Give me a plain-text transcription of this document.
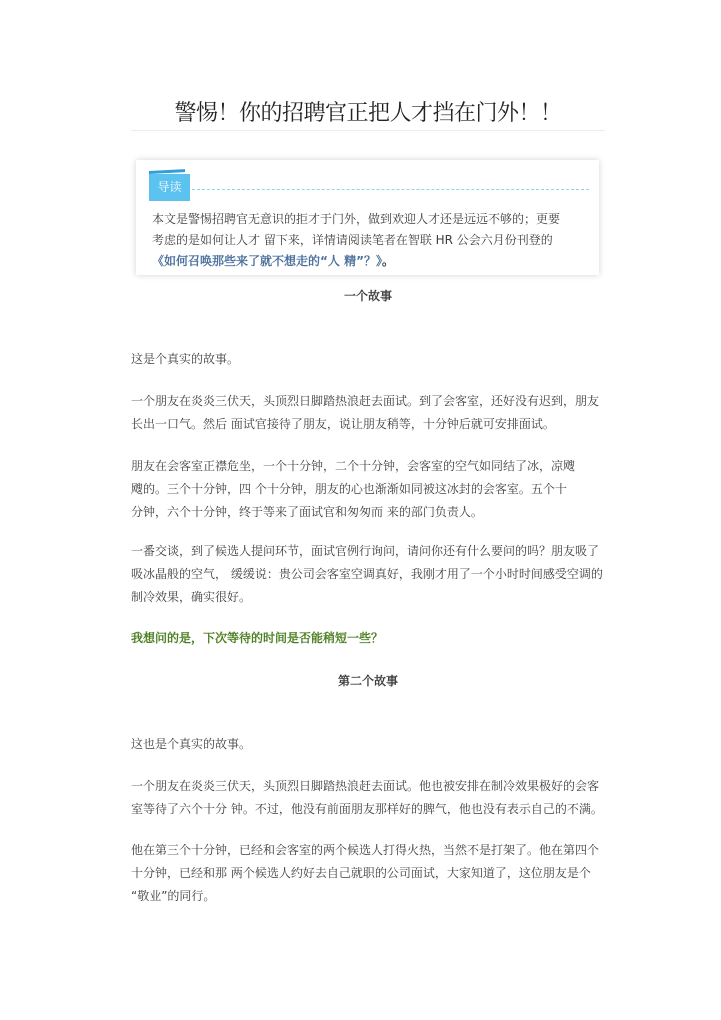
警惕！你的招聘官正把人才挡在门外！！
导读

本文是警惕招聘官无意识的拒才于门外，做到欢迎人才还是远远不够的；更要

考虑的是如何让人才 留下来，详情请阅读笔者在智联 HR 公会六月份刊登的

《如何召唤那些来了就不想走的“人 精”？》。

一个故事
这是个真实的故事。
一个朋友在炎炎三伏天，头顶烈日脚踏热浪赶去面试。到了会客室，还好没有迟到，朋友
长出一口气。然后 面试官接待了朋友，说让朋友稍等，十分钟后就可安排面试。
朋友在会客室正襟危坐，一个十分钟，二个十分钟，会客室的空气如同结了冰，凉飕
飕的。三个十分钟，四 个十分钟，朋友的心也渐渐如同被这冰封的会客室。五个十
分钟，六个十分钟，终于等来了面试官和匆匆而 来的部门负责人。
一番交谈，到了候选人提问环节，面试官例行询问，请问你还有什么要问的吗？朋友吸了
吸冰晶般的空气， 缓缓说：贵公司会客室空调真好，我刚才用了一个小时时间感受空调的
制冷效果，确实很好。
我想问的是，下次等待的时间是否能稍短一些？
第二个故事
这也是个真实的故事。
一个朋友在炎炎三伏天，头顶烈日脚踏热浪赶去面试。他也被安排在制冷效果极好的会客
室等待了六个十分 钟。不过，他没有前面朋友那样好的脾气，他也没有表示自己的不满。
他在第三个十分钟，已经和会客室的两个候选人打得火热，当然不是打架了。他在第四个
十分钟，已经和那 两个候选人约好去自己就职的公司面试，大家知道了，这位朋友是个
“敬业”的同行。
